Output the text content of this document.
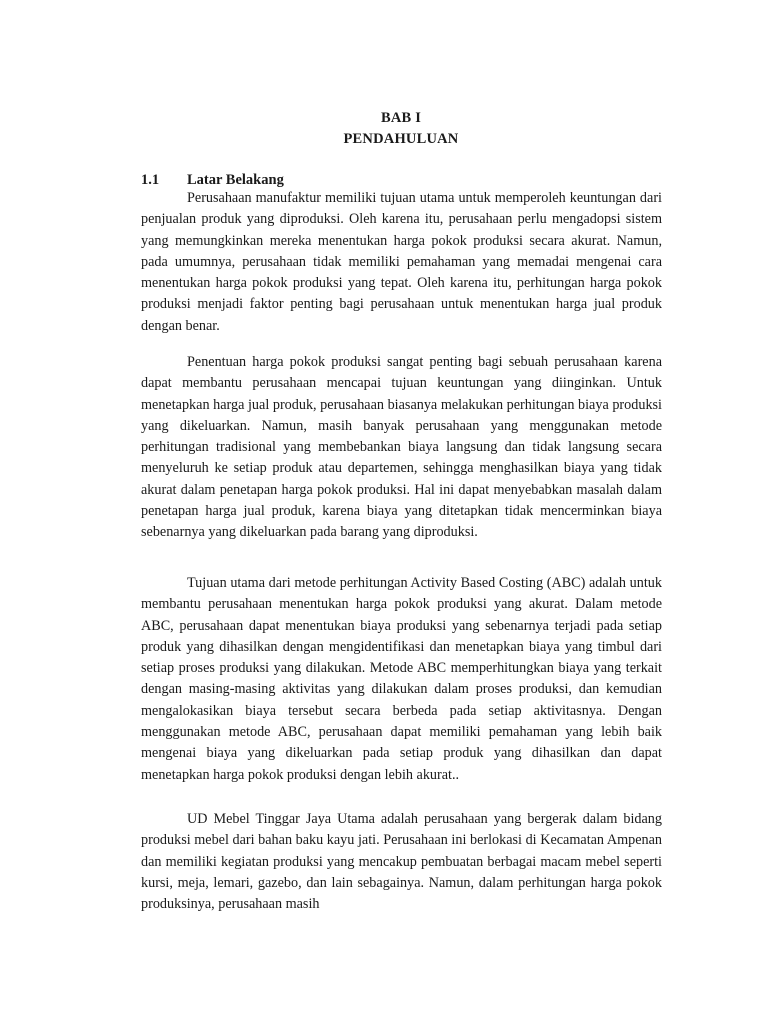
BAB I
PENDAHULUAN
1.1 Latar Belakang

Perusahaan manufaktur memiliki tujuan utama untuk memperoleh keuntungan dari penjualan produk yang diproduksi. Oleh karena itu, perusahaan perlu mengadopsi sistem yang memungkinkan mereka menentukan harga pokok produksi secara akurat. Namun, pada umumnya, perusahaan tidak memiliki pemahaman yang memadai mengenai cara menentukan harga pokok produksi yang tepat. Oleh karena itu, perhitungan harga pokok produksi menjadi faktor penting bagi perusahaan untuk menentukan harga jual produk dengan benar.

Penentuan harga pokok produksi sangat penting bagi sebuah perusahaan karena dapat membantu perusahaan mencapai tujuan keuntungan yang diinginkan. Untuk menetapkan harga jual produk, perusahaan biasanya melakukan perhitungan biaya produksi yang dikeluarkan. Namun, masih banyak perusahaan yang menggunakan metode perhitungan tradisional yang membebankan biaya langsung dan tidak langsung secara menyeluruh ke setiap produk atau departemen, sehingga menghasilkan biaya yang tidak akurat dalam penetapan harga pokok produksi. Hal ini dapat menyebabkan masalah dalam penetapan harga jual produk, karena biaya yang ditetapkan tidak mencerminkan biaya sebenarnya yang dikeluarkan pada barang yang diproduksi.

Tujuan utama dari metode perhitungan Activity Based Costing (ABC) adalah untuk membantu perusahaan menentukan harga pokok produksi yang akurat. Dalam metode ABC, perusahaan dapat menentukan biaya produksi yang sebenarnya terjadi pada setiap produk yang dihasilkan dengan mengidentifikasi dan menetapkan biaya yang timbul dari setiap proses produksi yang dilakukan. Metode ABC memperhitungkan biaya yang terkait dengan masing-masing aktivitas yang dilakukan dalam proses produksi, dan kemudian mengalokasikan biaya tersebut secara berbeda pada setiap aktivitasnya. Dengan menggunakan metode ABC, perusahaan dapat memiliki pemahaman yang lebih baik mengenai biaya yang dikeluarkan pada setiap produk yang dihasilkan dan dapat menetapkan harga pokok produksi dengan lebih akurat..

UD Mebel Tinggar Jaya Utama adalah perusahaan yang bergerak dalam bidang produksi mebel dari bahan baku kayu jati. Perusahaan ini berlokasi di Kecamatan Ampenan dan memiliki kegiatan produksi yang mencakup pembuatan berbagai macam mebel seperti kursi, meja, lemari, gazebo, dan lain sebagainya. Namun, dalam perhitungan harga pokok produksinya, perusahaan masih
